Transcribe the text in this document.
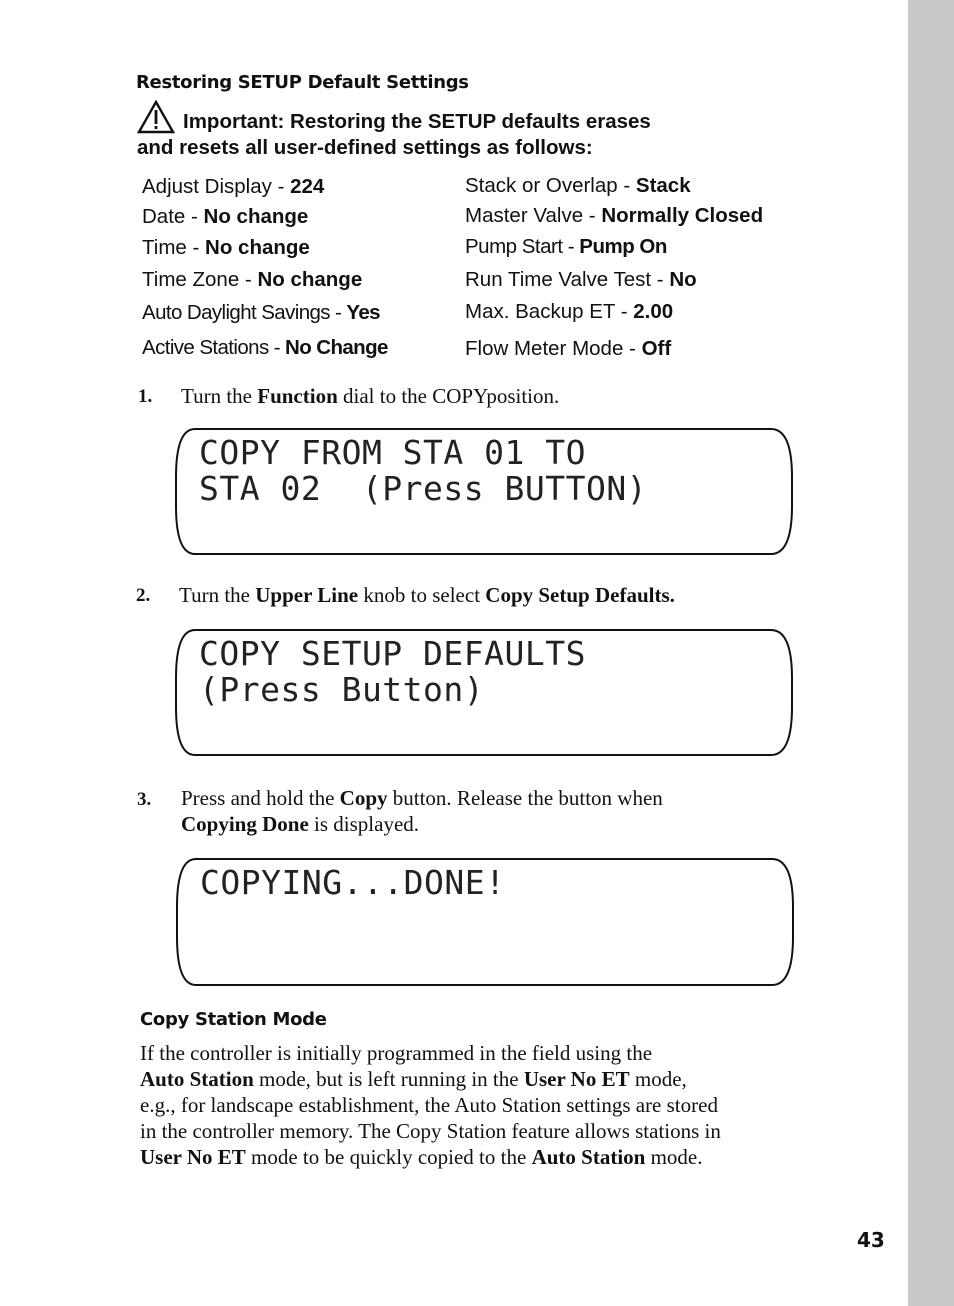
Restoring SETUP Default Settings
Important: Restoring the SETUP defaults erases
and resets all user-defined settings as follows:
Adjust Display - 224
Date - No change
Time - No change
Time Zone - No change
Auto Daylight Savings - Yes
Active Stations - No Change
Stack or Overlap - Stack
Master Valve - Normally Closed
Pump Start - Pump On
Run Time Valve Test - No
Max. Backup ET - 2.00
Flow Meter Mode - Off
1. Turn the Function dial to the COPYposition.
COPY FROM STA 01 TO
STA 02  (Press BUTTON)
2. Turn the Upper Line knob to select Copy Setup Defaults.
COPY SETUP DEFAULTS
(Press Button)
3. Press and hold the Copy button. Release the button when
Copying Done is displayed.
COPYING...DONE!
Copy Station Mode
If the controller is initially programmed in the field using the
Auto Station mode, but is left running in the User No ET mode,
e.g., for landscape establishment, the Auto Station settings are stored
in the controller memory. The Copy Station feature allows stations in
User No ET mode to be quickly copied to the Auto Station mode.
43
